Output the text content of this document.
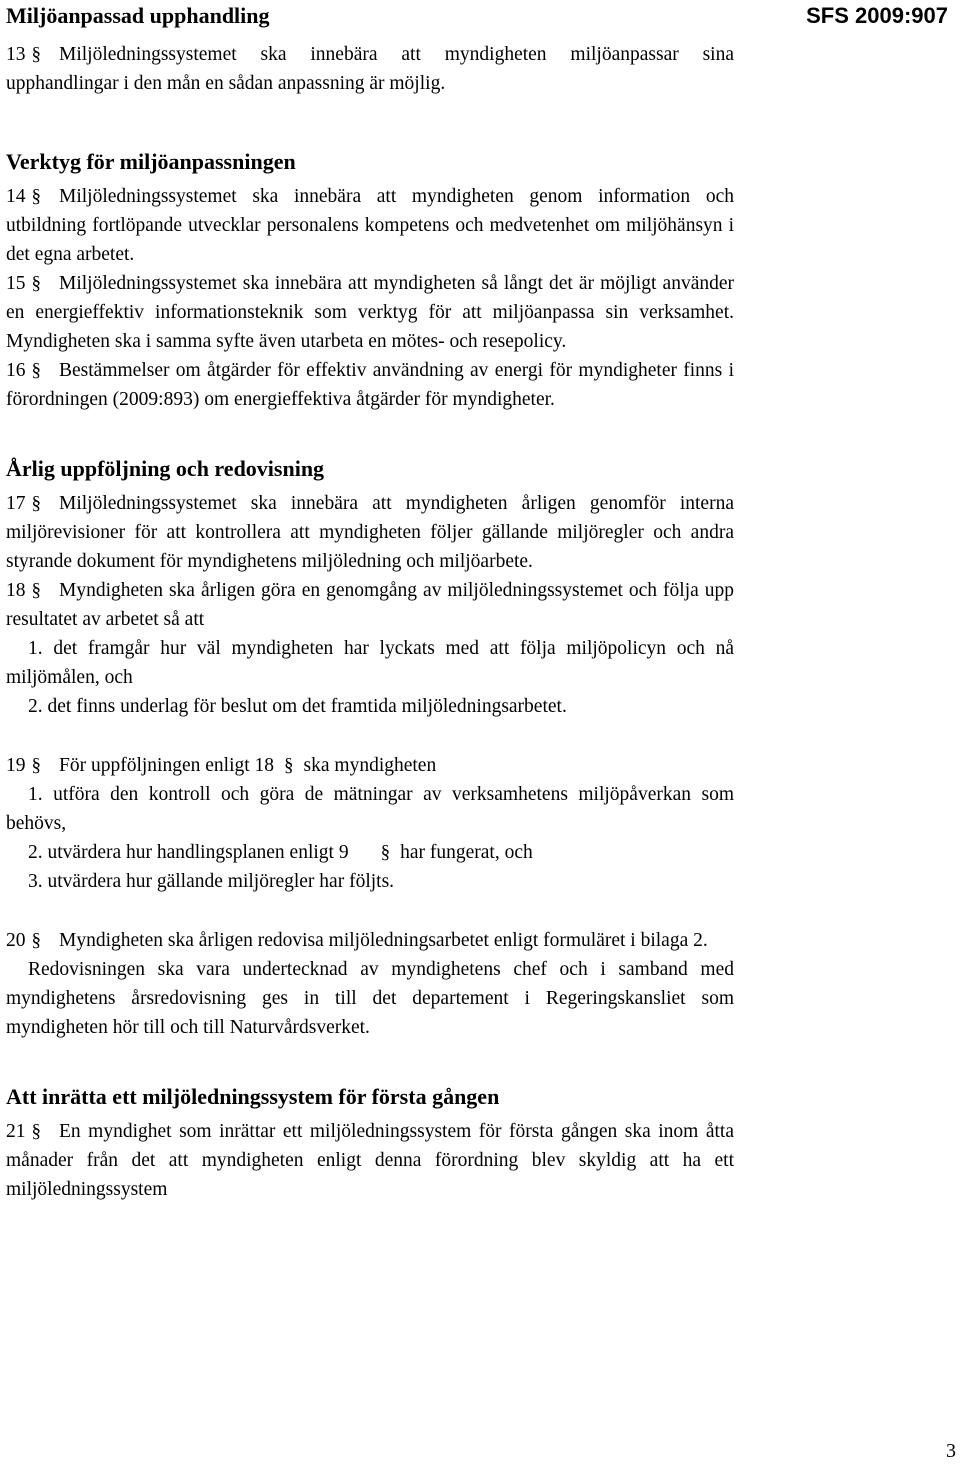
Miljöanpassad upphandling	SFS 2009:907

13 § Miljöledningssystemet ska innebära att myndigheten miljöanpassar sina upphandlingar i den mån en sådan anpassning är möjlig.

Verktyg för miljöanpassningen

14 § Miljöledningssystemet ska innebära att myndigheten genom information och utbildning fortlöpande utvecklar personalens kompetens och medvetenhet om miljöhänsyn i det egna arbetet.

15 § Miljöledningssystemet ska innebära att myndigheten så långt det är möjligt använder en energieffektiv informationsteknik som verktyg för att miljöanpassa sin verksamhet. Myndigheten ska i samma syfte även utarbeta en mötes- och resepolicy.

16 § Bestämmelser om åtgärder för effektiv användning av energi för myndigheter finns i förordningen (2009:893) om energieffektiva åtgärder för myndigheter.

Årlig uppföljning och redovisning

17 § Miljöledningssystemet ska innebära att myndigheten årligen genomför interna miljörevisioner för att kontrollera att myndigheten följer gällande miljöregler och andra styrande dokument för myndighetens miljöledning och miljöarbete.

18 § Myndigheten ska årligen göra en genomgång av miljöledningssystemet och följa upp resultatet av arbetet så att

1. det framgår hur väl myndigheten har lyckats med att följa miljöpolicyn och nå miljömålen, och

2. det finns underlag för beslut om det framtida miljöledningsarbetet.

19 § För uppföljningen enligt 18 § ska myndigheten

1. utföra den kontroll och göra de mätningar av verksamhetens miljöpåverkan som behövs,

2. utvärdera hur handlingsplanen enligt 9 § har fungerat, och

3. utvärdera hur gällande miljöregler har följts.

20 § Myndigheten ska årligen redovisa miljöledningsarbetet enligt formuläret i bilaga 2.

Redovisningen ska vara undertecknad av myndighetens chef och i samband med myndighetens årsredovisning ges in till det departement i Regeringskansliet som myndigheten hör till och till Naturvårdsverket.

Att inrätta ett miljöledningssystem för första gången

21 § En myndighet som inrättar ett miljöledningssystem för första gången ska inom åtta månader från det att myndigheten enligt denna förordning blev skyldig att ha ett miljöledningssystem

3
